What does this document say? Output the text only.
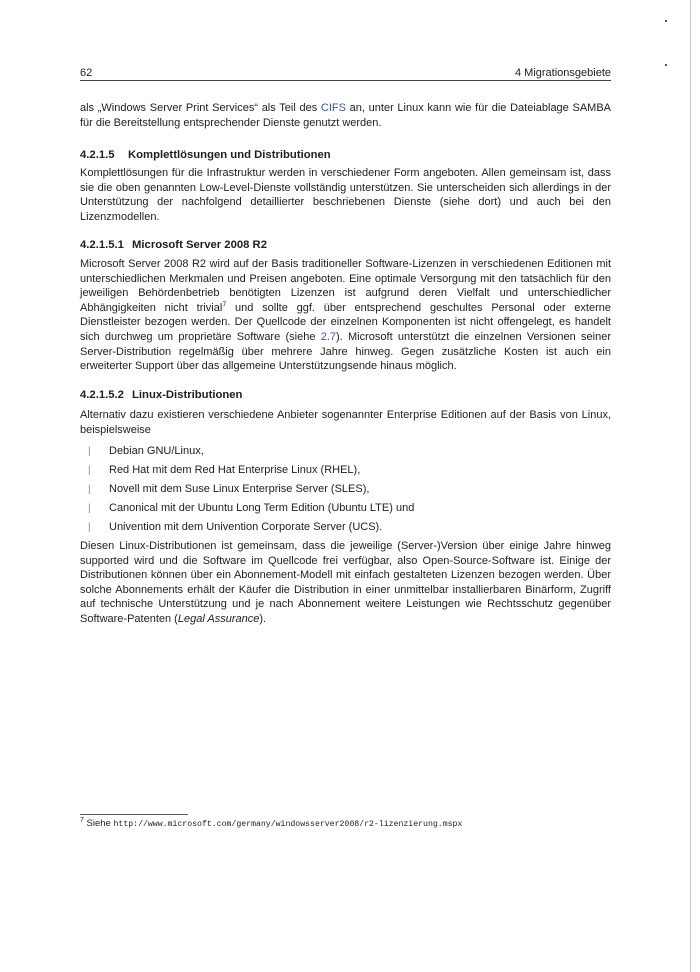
62	4 Migrationsgebiete
als „Windows Server Print Services“ als Teil des CIFS an, unter Linux kann wie für die Dateiablage SAMBA für die Bereitstellung entsprechender Dienste genutzt werden.
4.2.1.5 Komplettlösungen und Distributionen
Komplettlösungen für die Infrastruktur werden in verschiedener Form angeboten. Allen gemeinsam ist, dass sie die oben genannten Low-Level-Dienste vollständig unterstützen. Sie unterscheiden sich allerdings in der Unterstützung der nachfolgend detaillierter beschriebenen Dienste (siehe dort) und auch bei den Lizenzmodellen.
4.2.1.5.1 Microsoft Server 2008 R2
Microsoft Server 2008 R2 wird auf der Basis traditioneller Software-Lizenzen in verschiedenen Editionen mit unterschiedlichen Merkmalen und Preisen angeboten. Eine optimale Versorgung mit den tatsächlich für den jeweiligen Behördenbetrieb benötigten Lizenzen ist aufgrund deren Vielfalt und unterschiedlicher Abhängigkeiten nicht trivial$^7$ und sollte ggf. über entsprechend geschultes Personal oder externe Dienstleister bezogen werden. Der Quellcode der einzelnen Komponenten ist nicht offengelegt, es handelt sich durchweg um proprietäre Software (siehe 2.7). Microsoft unterstützt die einzelnen Versionen seiner Server-Distribution regelmäßig über mehrere Jahre hinweg. Gegen zusätzliche Kosten ist auch ein erweiterter Support über das allgemeine Unterstützungsende hinaus möglich.
4.2.1.5.2 Linux-Distributionen
Alternativ dazu existieren verschiedene Anbieter sogenannter Enterprise Editionen auf der Basis von Linux, beispielsweise
|	Debian GNU/Linux,
|	Red Hat mit dem Red Hat Enterprise Linux (RHEL),
|	Novell mit dem Suse Linux Enterprise Server (SLES),
|	Canonical mit der Ubuntu Long Term Edition (Ubuntu LTE) und
|	Univention mit dem Univention Corporate Server (UCS).
Diesen Linux-Distributionen ist gemeinsam, dass die jeweilige (Server-)Version über einige Jahre hinweg supported wird und die Software im Quellcode frei verfügbar, also Open-Source-Software ist. Einige der Distributionen können über ein Abonnement-Modell mit einfach gestalteten Lizenzen bezogen werden. Über solche Abonnements erhält der Käufer die Distribution in einer unmittelbar installierbaren Binärform, Zugriff auf technische Unterstützung und je nach Abonnement weitere Leistungen wie Rechtsschutz gegenüber Software-Patenten (Legal Assurance).
$^7$ Siehe http://www.microsoft.com/germany/windowsserver2008/r2-lizenzierung.mspx
